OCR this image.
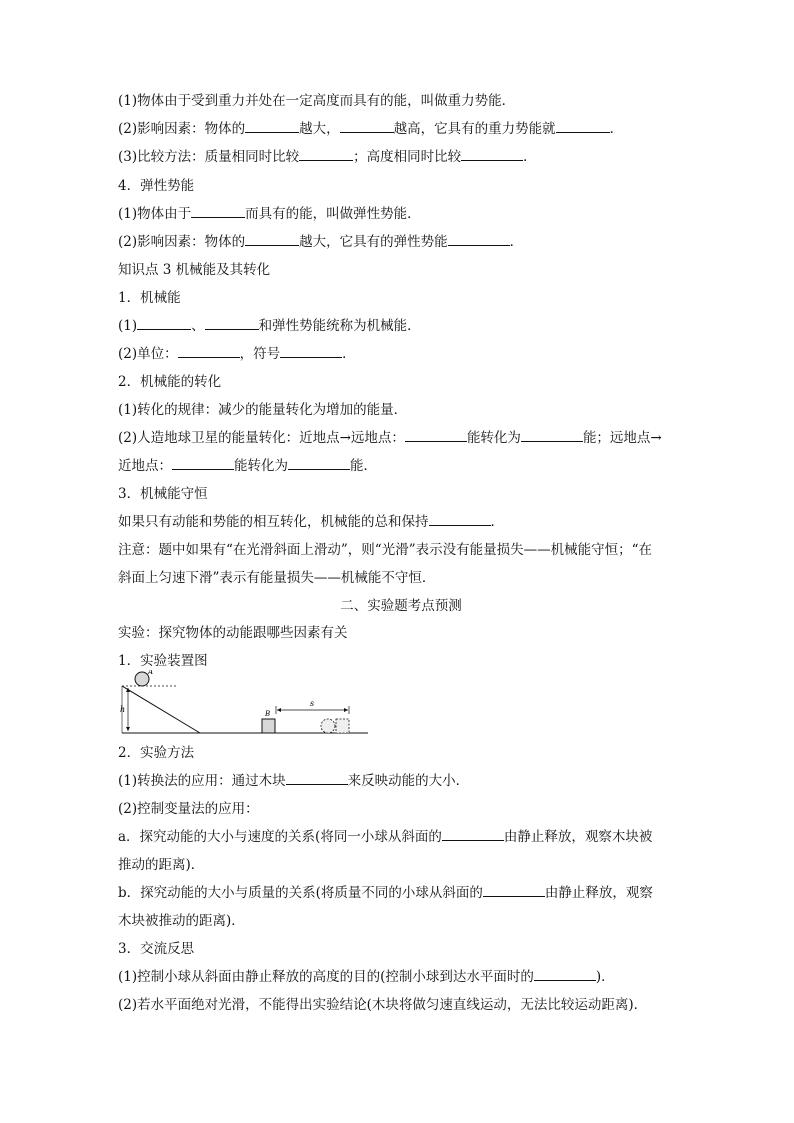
(1)物体由于受到重力并处在一定高度而具有的能，叫做重力势能．
(2)影响因素：物体的	越大，	越高，它具有的重力势能就	．
(3)比较方法：质量相同时比较	；高度相同时比较	．
4．弹性势能
(1)物体由于	而具有的能，叫做弹性势能．
(2)影响因素：物体的	越大，它具有的弹性势能	．
知识点 3 机械能及其转化
1．机械能
(1)	、	和弹性势能统称为机械能．
(2)单位：	，符号	．
2．机械能的转化
(1)转化的规律：减少的能量转化为增加的能量．
(2)人造地球卫星的能量转化：近地点→远地点：	能转化为	能；远地点→
近地点：	能转化为	能．
3．机械能守恒
如果只有动能和势能的相互转化，机械能的总和保持	．
注意：题中如果有“在光滑斜面上滑动”，则“光滑”表示没有能量损失——机械能守恒；“在
斜面上匀速下滑”表示有能量损失——机械能不守恒．
二、实验题考点预测
实验：探究物体的动能跟哪些因素有关
1．实验装置图
A
h	B
s
2．实验方法
(1)转换法的应用：通过木块	来反映动能的大小．
(2)控制变量法的应用：
a．探究动能的大小与速度的关系(将同一小球从斜面的	由静止释放，观察木块被
推动的距离)．
b．探究动能的大小与质量的关系(将质量不同的小球从斜面的	由静止释放，观察
木块被推动的距离)．
3．交流反思
(1)控制小球从斜面由静止释放的高度的目的(控制小球到达水平面时的	)．
(2)若水平面绝对光滑，不能得出实验结论(木块将做匀速直线运动，无法比较运动距离)．
